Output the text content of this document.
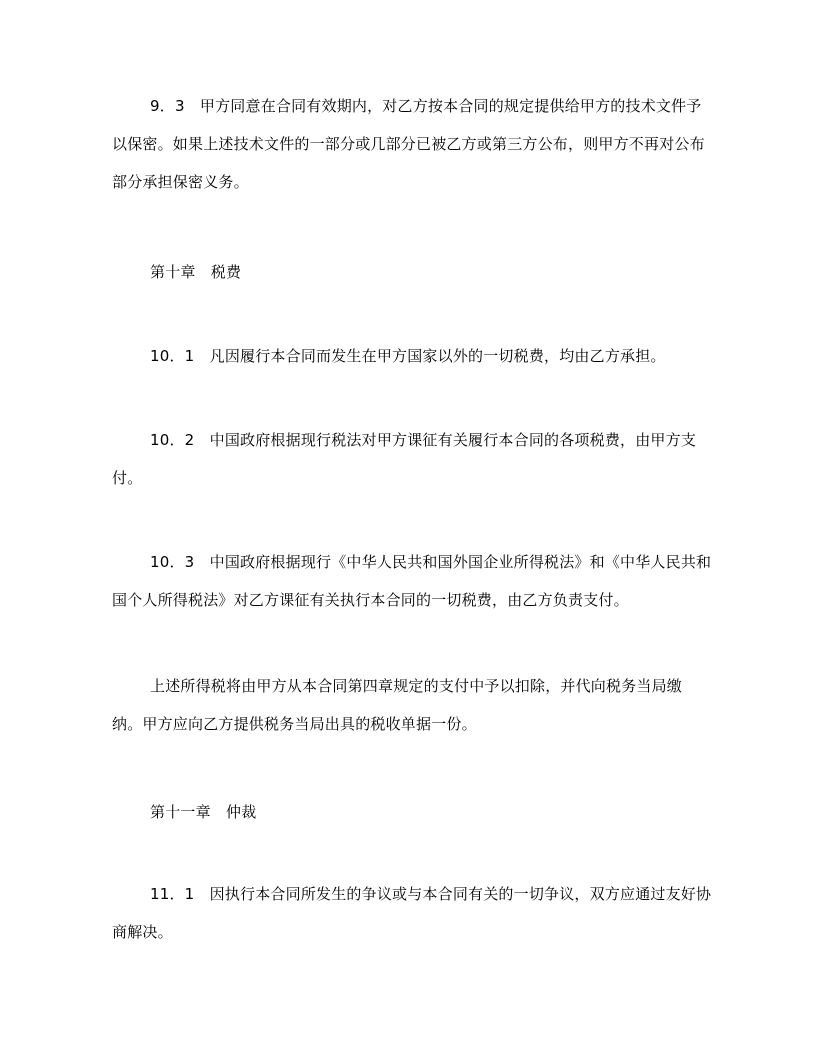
9．3　甲方同意在合同有效期内，对乙方按本合同的规定提供给甲方的技术文件予以保密。如果上述技术文件的一部分或几部分已被乙方或第三方公布，则甲方不再对公布部分承担保密义务。

第十章　税费

10．1　凡因履行本合同而发生在甲方国家以外的一切税费，均由乙方承担。

10．2　中国政府根据现行税法对甲方课征有关履行本合同的各项税费，由甲方支付。

10．3　中国政府根据现行《中华人民共和国外国企业所得税法》和《中华人民共和国个人所得税法》对乙方课征有关执行本合同的一切税费，由乙方负责支付。

上述所得税将由甲方从本合同第四章规定的支付中予以扣除，并代向税务当局缴纳。甲方应向乙方提供税务当局出具的税收单据一份。

第十一章　仲裁

11．1　因执行本合同所发生的争议或与本合同有关的一切争议，双方应通过友好协商解决。
